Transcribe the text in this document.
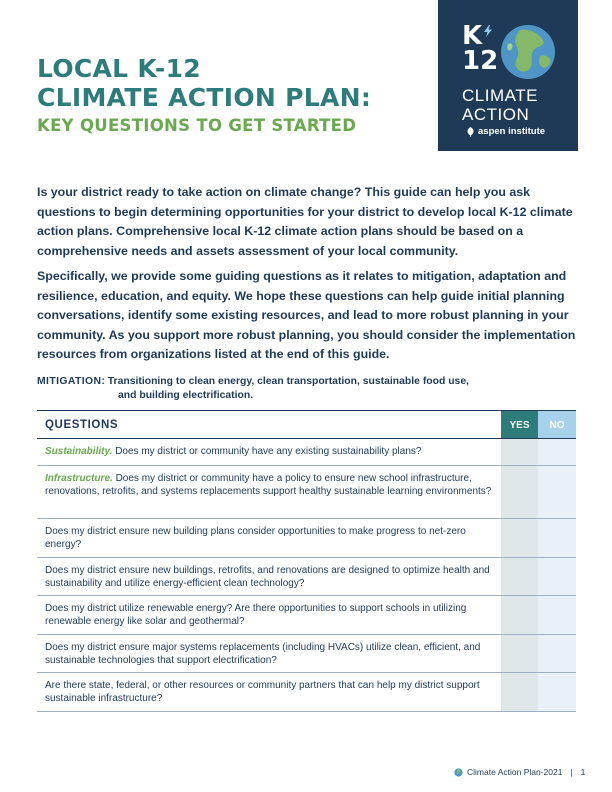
LOCAL K-12
CLIMATE ACTION PLAN:
KEY QUESTIONS TO GET STARTED
K
12
CLIMATE
ACTION
aspen institute

Is your district ready to take action on climate change? This guide can help you ask questions to begin determining opportunities for your district to develop local K-12 climate action plans. Comprehensive local K-12 climate action plans should be based on a comprehensive needs and assets assessment of your local community.

Specifically, we provide some guiding questions as it relates to mitigation, adaptation and resilience, education, and equity. We hope these questions can help guide initial planning conversations, identify some existing resources, and lead to more robust planning in your community. As you support more robust planning, you should consider the implementation resources from organizations listed at the end of this guide.

MITIGATION: Transitioning to clean energy, clean transportation, sustainable food use,
and building electrification.
QUESTIONS	YES	NO
Sustainability. Does my district or community have any existing sustainability plans?
Infrastructure. Does my district or community have a policy to ensure new school infrastructure, renovations, retrofits, and systems replacements support healthy sustainable learning environments?
Does my district ensure new building plans consider opportunities to make progress to net-zero energy?
Does my district ensure new buildings, retrofits, and renovations are designed to optimize health and sustainability and utilize energy-efficient clean technology?
Does my district utilize renewable energy? Are there opportunities to support schools in utilizing renewable energy like solar and geothermal?
Does my district ensure major systems replacements (including HVACs) utilize clean, efficient, and sustainable technologies that support electrification?
Are there state, federal, or other resources or community partners that can help my district support sustainable infrastructure?
Climate Action Plan-2021 | 1
